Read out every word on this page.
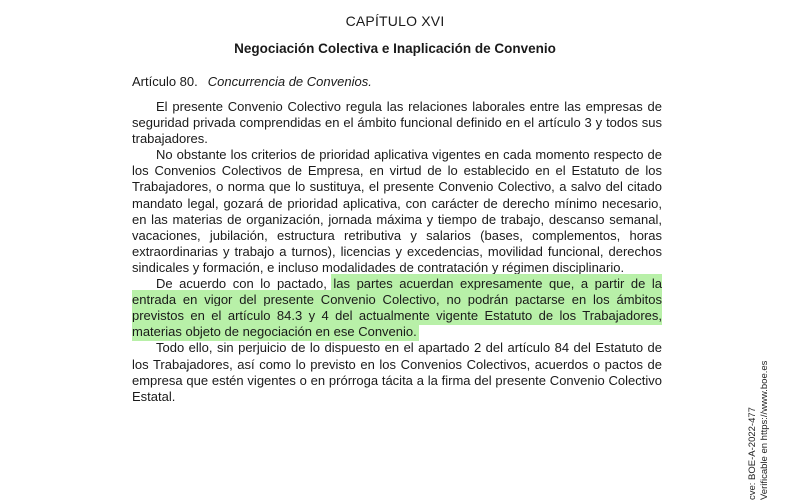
CAPÍTULO XVI
Negociación Colectiva e Inaplicación de Convenio
Artículo 80. Concurrencia de Convenios.

El presente Convenio Colectivo regula las relaciones laborales entre las empresas de seguridad privada comprendidas en el ámbito funcional definido en el artículo 3 y todos sus trabajadores.

No obstante los criterios de prioridad aplicativa vigentes en cada momento respecto de los Convenios Colectivos de Empresa, en virtud de lo establecido en el Estatuto de los Trabajadores, o norma que lo sustituya, el presente Convenio Colectivo, a salvo del citado mandato legal, gozará de prioridad aplicativa, con carácter de derecho mínimo necesario, en las materias de organización, jornada máxima y tiempo de trabajo, descanso semanal, vacaciones, jubilación, estructura retributiva y salarios (bases, complementos, horas extraordinarias y trabajo a turnos), licencias y excedencias, movilidad funcional, derechos sindicales y formación, e incluso modalidades de contratación y régimen disciplinario.

De acuerdo con lo pactado, las partes acuerdan expresamente que, a partir de la entrada en vigor del presente Convenio Colectivo, no podrán pactarse en los ámbitos previstos en el artículo 84.3 y 4 del actualmente vigente Estatuto de los Trabajadores, materias objeto de negociación en ese Convenio.

Todo ello, sin perjuicio de lo dispuesto en el apartado 2 del artículo 84 del Estatuto de los Trabajadores, así como lo previsto en los Convenios Colectivos, acuerdos o pactos de empresa que estén vigentes o en prórroga tácita a la firma del presente Convenio Colectivo Estatal.

cve: BOE-A-2022-477 Verificable en https://www.boe.es
